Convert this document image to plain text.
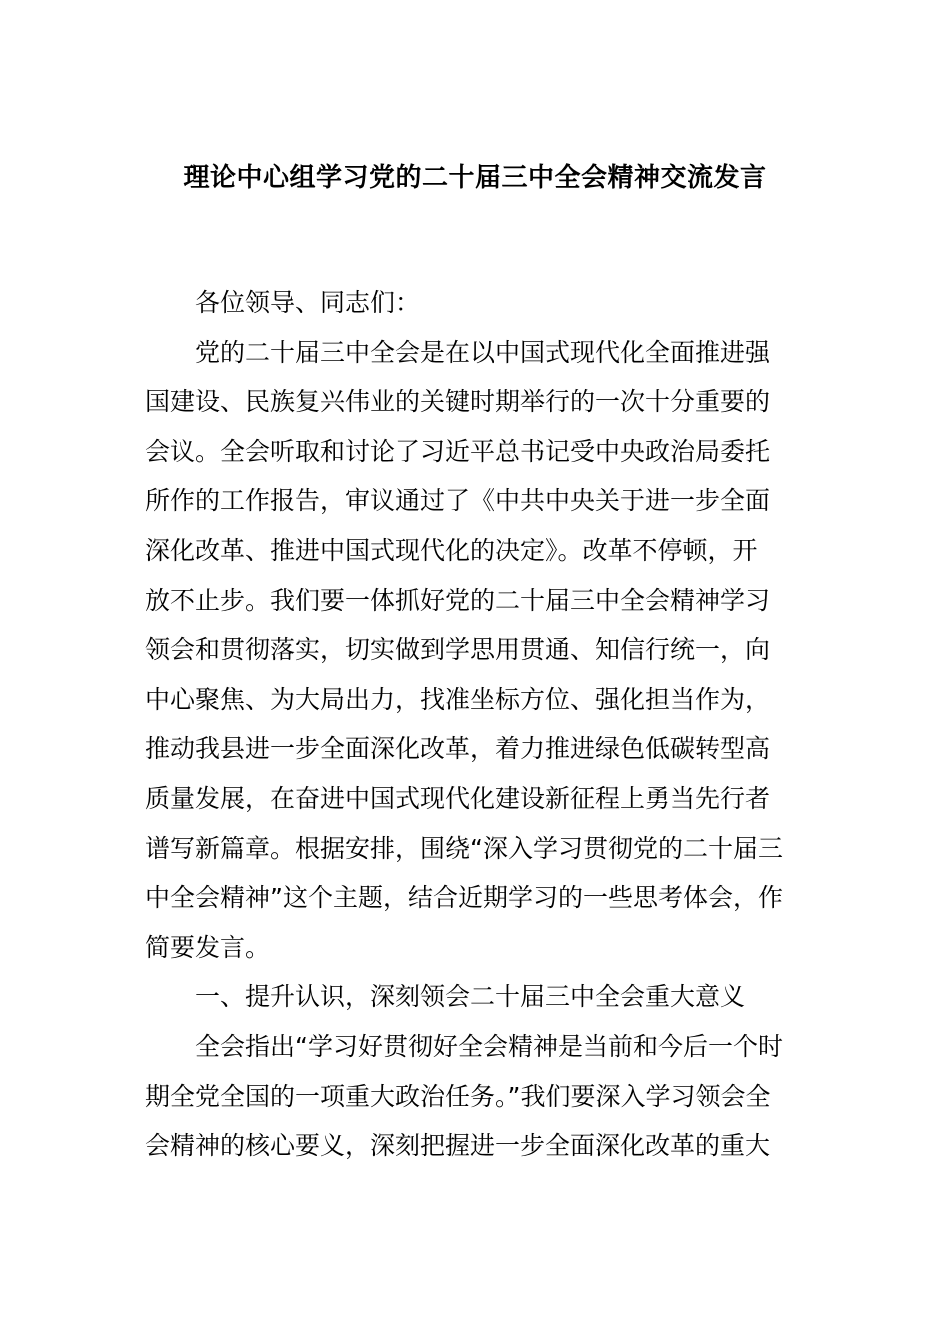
理论中心组学习党的二十届三中全会精神交流发言
各位领导、同志们：
党的二十届三中全会是在以中国式现代化全面推进强
国建设、民族复兴伟业的关键时期举行的一次十分重要的
会议。全会听取和讨论了习近平总书记受中央政治局委托
所作的工作报告，审议通过了《中共中央关于进一步全面
深化改革、推进中国式现代化的决定》。改革不停顿，开
放不止步。我们要一体抓好党的二十届三中全会精神学习
领会和贯彻落实，切实做到学思用贯通、知信行统一，向
中心聚焦、为大局出力，找准坐标方位、强化担当作为，
推动我县进一步全面深化改革，着力推进绿色低碳转型高
质量发展，在奋进中国式现代化建设新征程上勇当先行者
谱写新篇章。根据安排，围绕“深入学习贯彻党的二十届三
中全会精神”这个主题，结合近期学习的一些思考体会，作
简要发言。
一、提升认识，深刻领会二十届三中全会重大意义
全会指出“学习好贯彻好全会精神是当前和今后一个时
期全党全国的一项重大政治任务。”我们要深入学习领会全
会精神的核心要义，深刻把握进一步全面深化改革的重大
